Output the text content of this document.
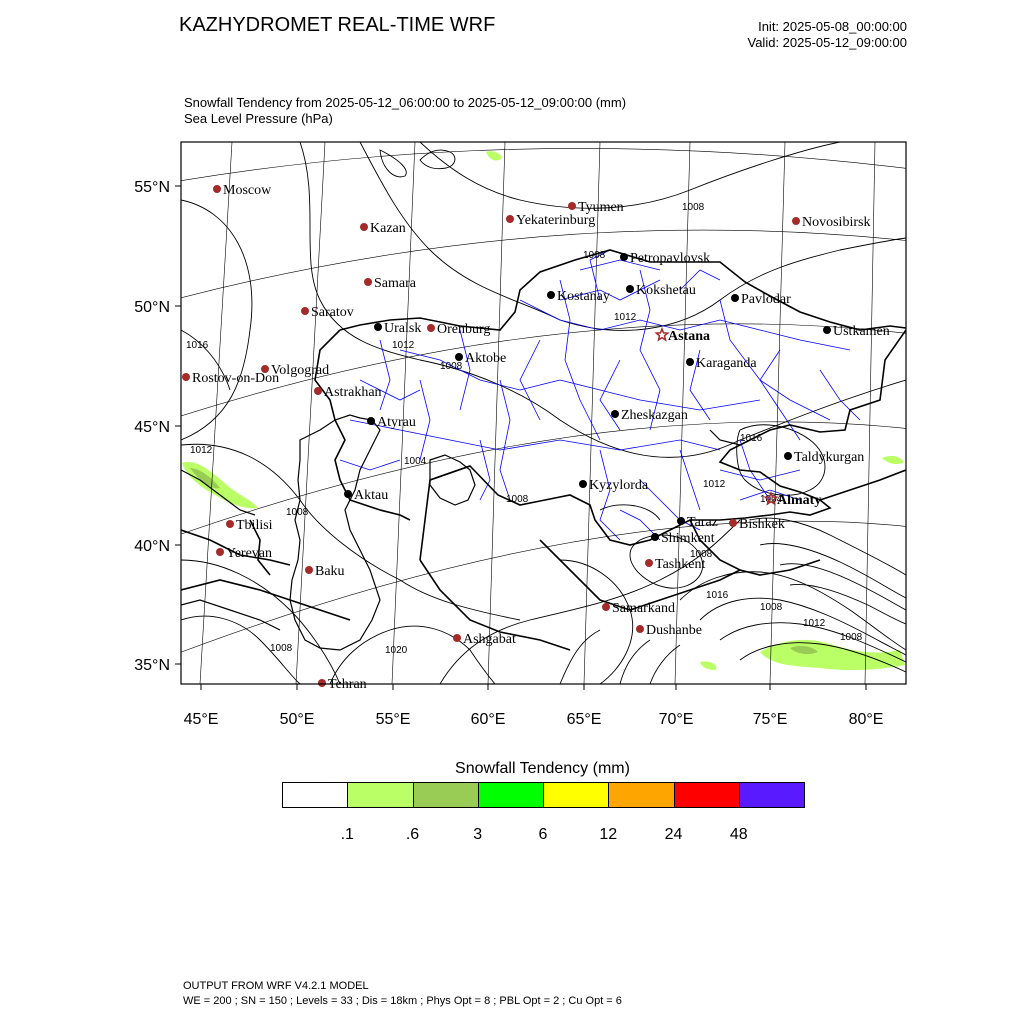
KAZHYDROMET REAL-TIME WRF	Init: 2025-05-08_00:00:00
Valid: 2025-05-12_09:00:00
Snowfall Tendency from 2025-05-12_06:00:00 to 2025-05-12_09:00:00 (mm)
Sea Level Pressure (hPa)
1008
1008
1016	1012
1008
1012
1008
1004
1008
1012
1016
1012
1008
1008	1020
1016
1008
1012
1008
1004
Moscow
Kazan
Samara
Saratov
Volgograd
Rostov-on-Don
Astrakhan
Orenburg
Tyumen
Yekaterinburg	Novosibirsk
Tbilisi
Yerevan
Baku
Ashgabat
Tehran
Samarkand
Dushanbe
Tashkent
Bishkek
Uralsk
Aktobe
Atyrau
Aktau
Kostanay
Petropavlovsk
Kokshetau
Pavlodar
Astana
Karaganda
Ustkamen
Zheskazgan
Kyzylorda
Taldykurgan
Almaty
Taraz
Shimkent
55°N
50°N
45°N
40°N
35°N
45°E	50°E	55°E	60°E	65°E	70°E	75°E	80°E
Snowfall Tendency (mm)
.1	.6	3	6	12	24	48
OUTPUT FROM WRF V4.2.1 MODEL
WE = 200 ; SN = 150 ; Levels = 33 ; Dis = 18km ; Phys Opt = 8 ; PBL Opt = 2 ; Cu Opt = 6
